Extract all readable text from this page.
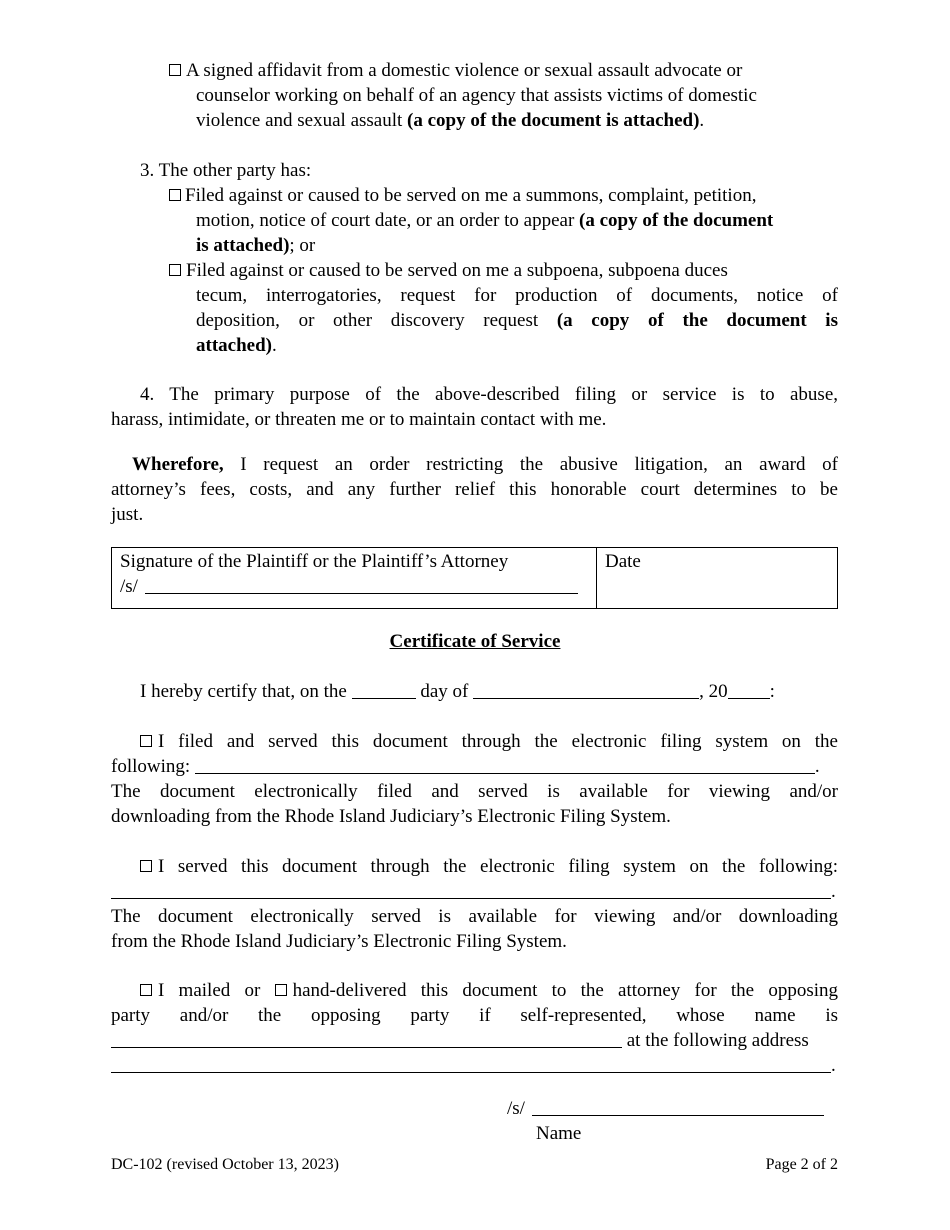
A signed affidavit from a domestic violence or sexual assault advocate or
counselor working on behalf of an agency that assists victims of domestic
violence and sexual assault (a copy of the document is attached).
3. The other party has:
Filed against or caused to be served on me a summons, complaint, petition,
motion, notice of court date, or an order to appear (a copy of the document
is attached); or
Filed against or caused to be served on me a subpoena, subpoena duces
tecum, interrogatories, request for production of documents, notice of
deposition, or other discovery request (a copy of the document is
attached).
4. The primary purpose of the above-described filing or service is to abuse,
harass, intimidate, or threaten me or to maintain contact with me.
Wherefore, I request an order restricting the abusive litigation, an award of
attorney’s fees, costs, and any further relief this honorable court determines to be
just.
Signature of the Plaintiff or the Plaintiff’s Attorney
/s/
Date
Certificate of Service
I hereby certify that, on the	day of	, 20 :
I filed and served this document through the electronic filing system on the
following:	.
The document electronically filed and served is available for viewing and/or
downloading from the Rhode Island Judiciary’s Electronic Filing System.
I served this document through the electronic filing system on the following:
.
The document electronically served is available for viewing and/or downloading
from the Rhode Island Judiciary’s Electronic Filing System.
I mailed or hand-delivered this document to the attorney for the opposing
party and/or the opposing party if self-represented, whose name is
at the following address
.
/s/
Name
DC-102 (revised October 13, 2023)	Page 2 of 2
